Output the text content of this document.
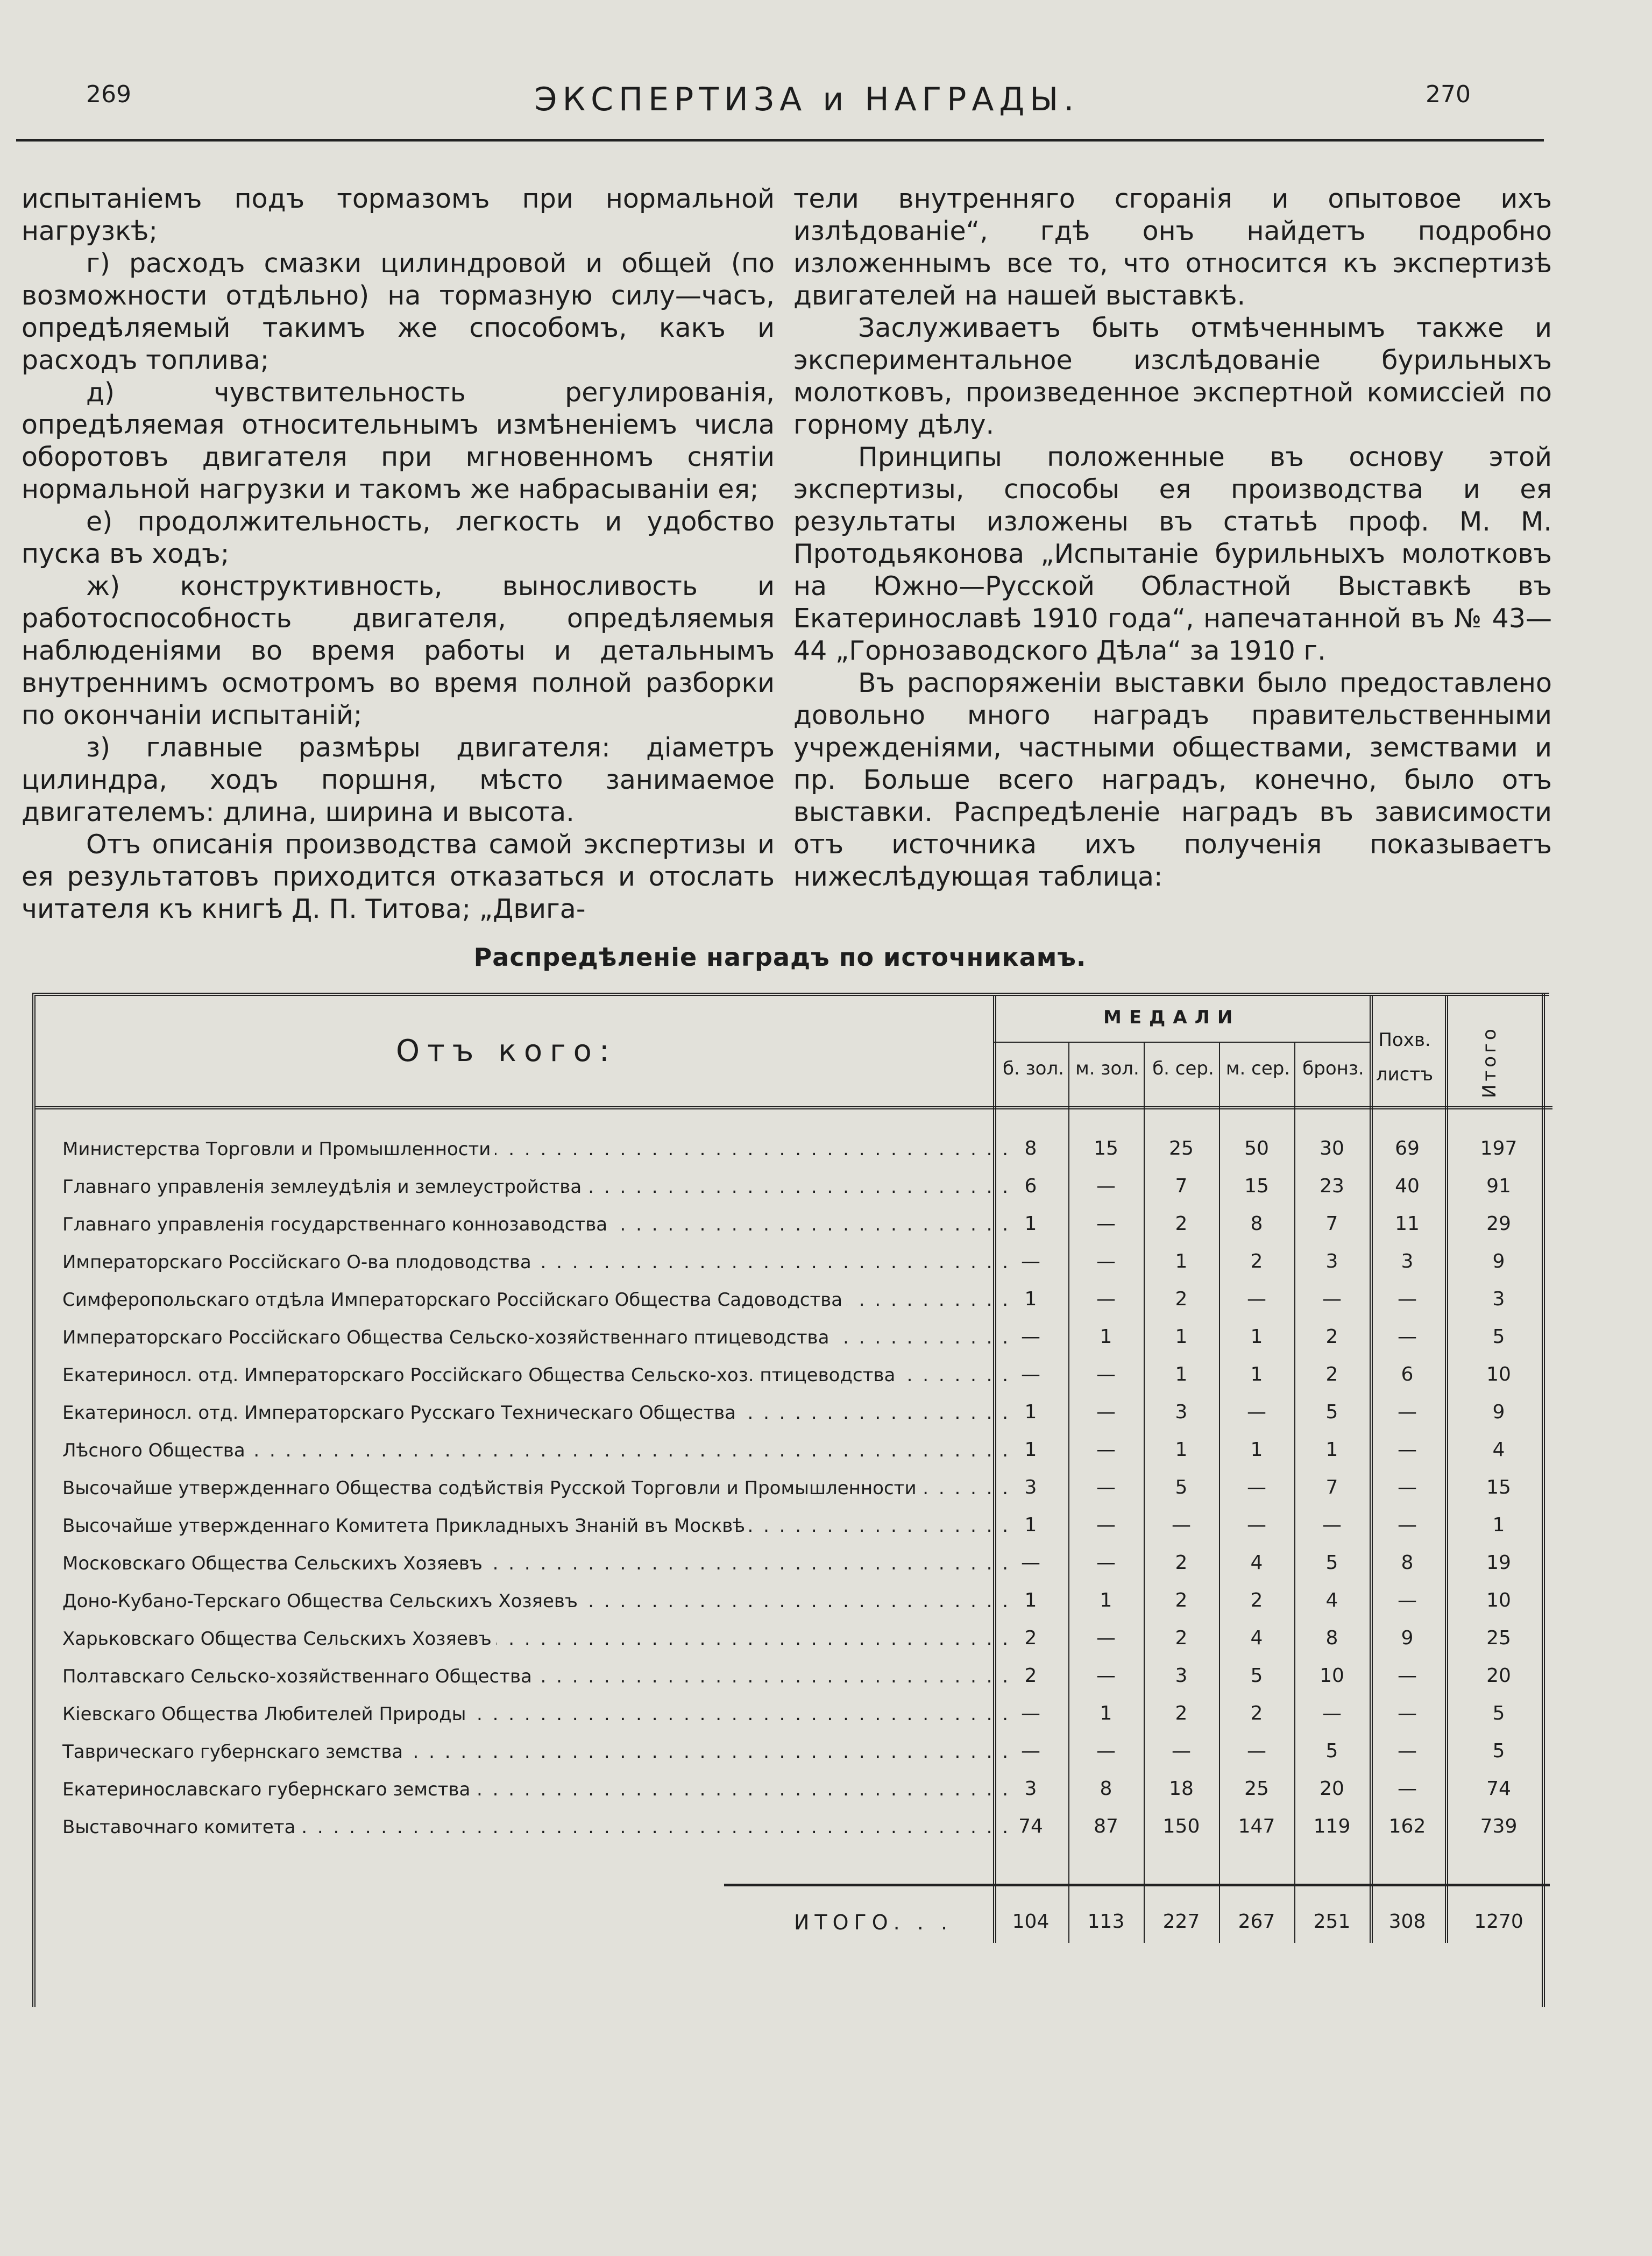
269	ЭКСПЕРТИЗА и НАГРАДЫ.	270

испытаніемъ подъ тормазомъ при нормальной нагрузкѣ;

г) расходъ смазки цилиндровой и общей (по возможности отдѣльно) на тормазную силу—часъ, опредѣляемый такимъ же способомъ, какъ и расходъ топлива;

д) чувствительность регулированія, опредѣляемая относительнымъ измѣненіемъ числа оборотовъ двигателя при мгновенномъ снятіи нормальной нагрузки и такомъ же набрасываніи ея;

е) продолжительность, легкость и удобство пуска въ ходъ;

ж) конструктивность, выносливость и работоспособность двигателя, опредѣляемыя наблюденіями во время работы и детальнымъ внутреннимъ осмотромъ во время полной разборки по окончаніи испытаній;

з) главные размѣры двигателя: діаметръ цилиндра, ходъ поршня, мѣсто занимаемое двигателемъ: длина, ширина и высота.

Отъ описанія производства самой экспертизы и ея результатовъ приходится отказаться и отослать читателя къ книгѣ Д. П. Титова; „Двига-

тели внутренняго сгоранія и опытовое ихъ излѣдованіе“, гдѣ онъ найдетъ подробно изложеннымъ все то, что относится къ экспертизѣ двигателей на нашей выставкѣ.

Заслуживаетъ быть отмѣченнымъ также и экспериментальное изслѣдованіе бурильныхъ молотковъ, произведенное экспертной комиссіей по горному дѣлу.

Принципы положенные въ основу этой экспертизы, способы ея производства и ея результаты изложены въ статьѣ проф. М. М. Протодьяконова „Испытаніе бурильныхъ молотковъ на Южно—Русской Областной Выставкѣ въ Екатеринославѣ 1910 года“, напечатанной въ № 43—44 „Горнозаводского Дѣла“ за 1910 г.

Въ распоряженіи выставки было предоставлено довольно много наградъ правительственными учрежденіями, частными обществами, земствами и пр. Больше всего наградъ, конечно, было отъ выставки. Распредѣленіе наградъ въ зависимости отъ источника ихъ полученія показываетъ нижеслѣдующая таблица:

Распредѣленіе наградъ по источникамъ.
Отъ кого:
МЕДАЛИ
б. зол. м. зол. б. сер. м. сер. бронз.
Похв.
листъ	Итого
Министерства Торговли и Промышленности . . .	8	15	25	50	30	69	197
Главнаго управленія землеудѣлія и землеустройства . . .	6	—	7	15	23	40	91
Главнаго управленія государственнаго коннозаводства . . .	1	—	2	8	7	11	29
Императорскаго Россійскаго О-ва плодоводства . . .	—	—	1	2	3	3	9
Симферопольскаго отдѣла Императорскаго Россійскаго Общества Садоводства . . .	1	—	2	—	—	—	3
Императорскаго Россійскаго Общества Сельско-хозяйственнаго птицеводства . . .	—	1	1	1	2	—	5
Екатериносл. отд. Императорскаго Россійскаго Общества Сельско-хоз. птицеводства . . .	—	—	1	1	2	6	10
Екатериносл. отд. Императорскаго Русскаго Техническаго Общества . . .	1	—	3	—	5	—	9
Лѣсного Общества . . .	1	—	1	1	1	—	4
Высочайше утвержденнаго Общества содѣйствія Русской Торговли и Промышленности . . .	3	—	5	—	7	—	15
Высочайше утвержденнаго Комитета Прикладныхъ Знаній въ Москвѣ . . .	1	—	—	—	—	—	1
Московскаго Общества Сельскихъ Хозяевъ . . .	—	—	2	4	5	8	19
Доно-Кубано-Терскаго Общества Сельскихъ Хозяевъ . . .	1	1	2	2	4	—	10
Харьковскаго Общества Сельскихъ Хозяевъ . . .	2	—	2	4	8	9	25
Полтавскаго Сельско-хозяйственнаго Общества . . .	2	—	3	5	10	—	20
Кіевскаго Общества Любителей Природы . . .	—	1	2	2	—	—	5
Таврическаго губернскаго земства . . .	—	—	—	—	5	—	5
Екатеринославскаго губернскаго земства . . .	3	8	18	25	20	—	74
Выставочнаго комитета . . .	74	87	150	147	119	162	739
ИТОГО. . .	104	113	227	267	251	308	1270
